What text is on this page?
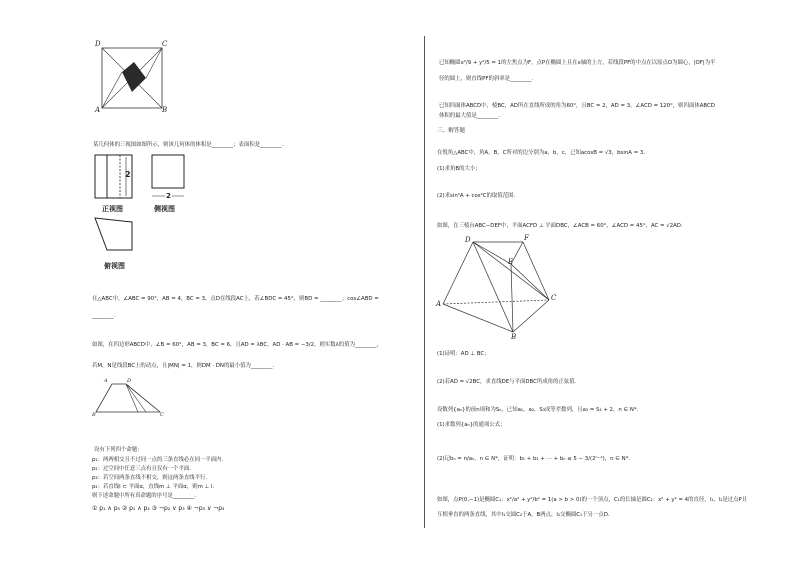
D	C
A	B
某几何体的三视图如图所示，则该几何体的体积是________；表面积是________.
2
2
正视图	侧视图
俯视图
在△ABC中，∠ABC = 90°，AB = 4，BC = 3，点D在线段AC上，若∠BDC = 45°，则BD = ________；cos∠ABD =
________.
如图，在四边形ABCD中，∠B = 60°，AB = 3，BC = 6，且AD = λBC，AD · AB = −3/2，则实数λ的值为________，
若M，N是线段BC上的动点，且|MN| = 1，则DM · DN的最小值为________.
A	D
B	C
设有下列四个命题：
p₁：两两相交且不过同一点的三条直线必在同一平面内.
p₂：过空间中任意三点有且仅有一个平面.
p₃：若空间两条直线不相交，则这两条直线平行.
p₄：若直线l ⊂ 平面α，直线m ⊥ 平面α，则m ⊥ l.
则下述命题中所有真命题的序号是________.
① p₁ ∧ p₄ ② p₁ ∧ p₂ ③ ¬p₂ ∨ p₃ ④ ¬p₃ ∨ ¬p₄
已知椭圆x²/9 + y²/5 = 1的左焦点为F，点P在椭圆上且在x轴的上方，若线段PF的中点在以原点O为圆心，|OF|为半
径的圆上，则直线PF的斜率是________.
已知四面体ABCD中，棱BC，AD所在直线所成的角为60°，且BC = 2，AD = 3，∠ACD = 120°，则四面体ABCD
体积的最大值是________.
三、解答题
在锐角△ABC中，角A，B，C所对的边分别为a，b，c，已知acosB = √3，bsinA = 3.
(1)求角B的大小；
(2)求sin²A + cos²C的取值范围.
如图，在三棱台ABC−DEF中，平面ACFD ⊥ 平面DBC，∠ACB = 60°，∠ACD = 45°，AC = √2AD.
D	F
E
A
C
B
(1)证明：AD ⊥ BC；
(2)若AD = √2BC，求直线DE与平面DBC所成角的正弦值.
设数列{aₙ}的前n项和为Sₙ，已知a₁，a₂，S₃成等差数列，且a₃ = S₂ + 2，n ∈ N*.
(1)求数列{aₙ}的通项公式；
(2)记bₙ = n/aₙ，n ∈ N*，证明：b₁ + b₂ + ⋯ + bₙ ≤ 5 − 3/(2ⁿ⁻²)，n ∈ N*.
如图，点P(0,−1)是椭圆C₁：x²/a² + y²/b² = 1(a > b > 0)的一个顶点，C₁的长轴是圆C₂：x² + y² = 4的直径，l₁，l₂是过点P且
互相垂直的两条直线，其中l₁交圆C₂于A，B两点，l₂交椭圆C₁于另一点D.
